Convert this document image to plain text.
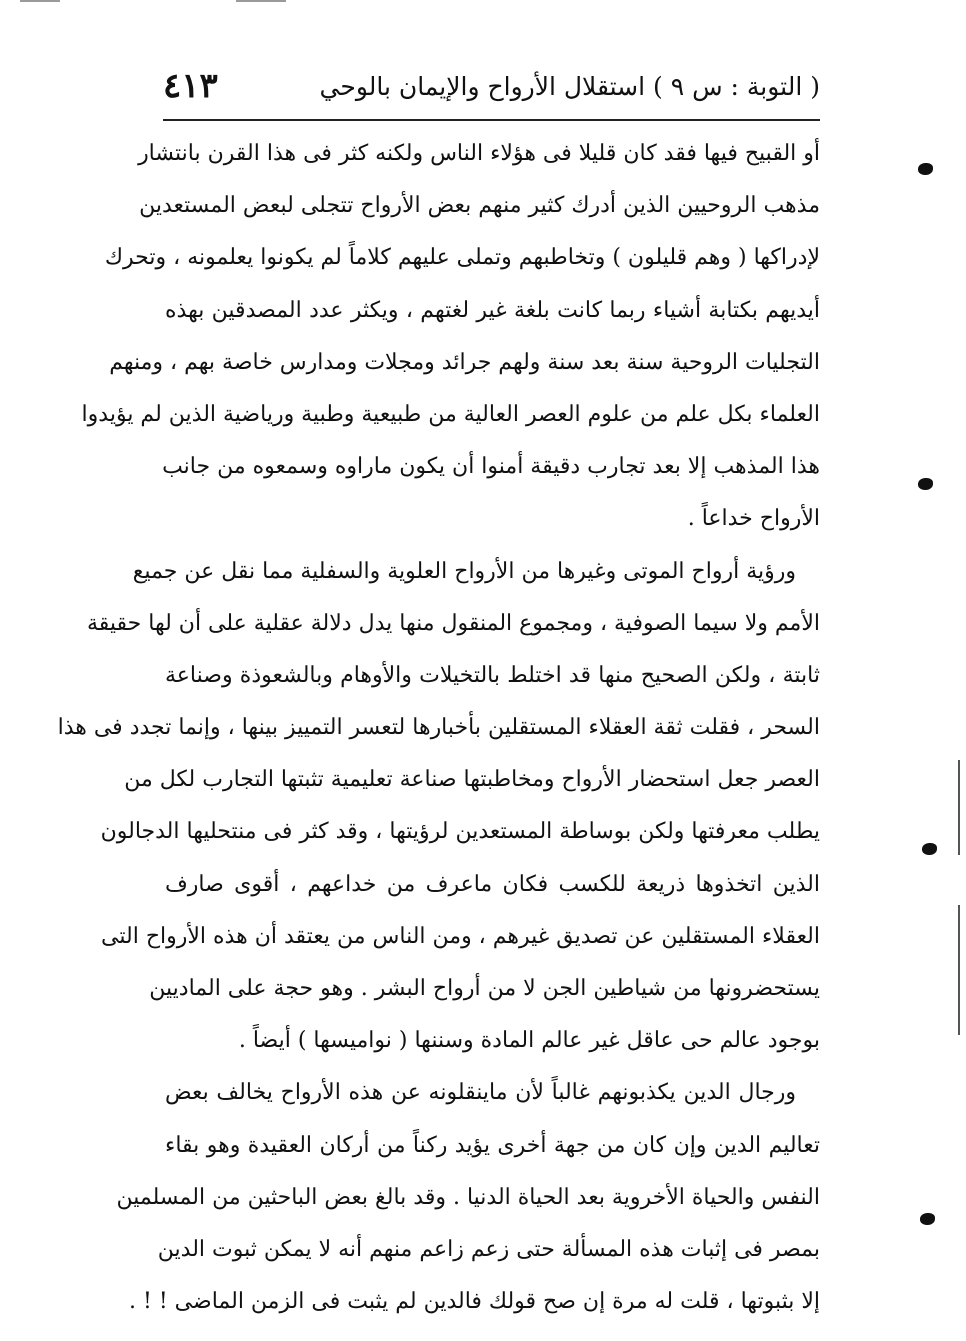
( التوبة : س ٩ ) استقلال الأرواح والإيمان بالوحي
٤١٣
أو القبيح فيها فقد كان قليلا فى هؤلاء الناس ولكنه كثر فى هذا القرن بانتشار
مذهب الروحيين الذين أدرك كثير منهم بعض الأرواح تتجلى لبعض المستعدين
لإدراكها ( وهم قليلون ) وتخاطبهم وتملى عليهم كلاماً لم يكونوا يعلمونه ، وتحرك
أيديهم بكتابة أشياء ربما كانت بلغة غير لغتهم ، ويكثر عدد المصدقين بهذه
التجليات الروحية سنة بعد سنة ولهم جرائد ومجلات ومدارس خاصة بهم ، ومنهم
العلماء بكل علم من علوم العصر العالية من طبيعية وطبية ورياضية الذين لم يؤيدوا
هذا المذهب إلا بعد تجارب دقيقة أمنوا أن يكون ماراوه وسمعوه من جانب
الأرواح خداعاً .
ورؤية أرواح الموتى وغيرها من الأرواح العلوية والسفلية مما نقل عن جميع
الأمم ولا سيما الصوفية ، ومجموع المنقول منها يدل دلالة عقلية على أن لها حقيقة
ثابتة ، ولكن الصحيح منها قد اختلط بالتخيلات والأوهام وبالشعوذة وصناعة
السحر ، فقلت ثقة العقلاء المستقلين بأخبارها لتعسر التمييز بينها ، وإنما تجدد فى هذا
العصر جعل استحضار الأرواح ومخاطبتها صناعة تعليمية تثبتها التجارب لكل من
يطلب معرفتها ولكن بوساطة المستعدين لرؤيتها ، وقد كثر فى منتحليها الدجالون
الذين اتخذوها ذريعة للكسب فكان ماعرف من خداعهم ، أقوى صارف
العقلاء المستقلين عن تصديق غيرهم ، ومن الناس من يعتقد أن هذه الأرواح التى
يستحضرونها من شياطين الجن لا من أرواح البشر . وهو حجة على الماديين
بوجود عالم حى عاقل غير عالم المادة وسننها ( نواميسها ) أيضاً .
ورجال الدين يكذبونهم غالباً لأن ماينقلونه عن هذه الأرواح يخالف بعض
تعاليم الدين وإن كان من جهة أخرى يؤيد ركناً من أركان العقيدة وهو بقاء
النفس والحياة الأخروية بعد الحياة الدنيا . وقد بالغ بعض الباحثين من المسلمين
بمصر فى إثبات هذه المسألة حتى زعم زاعم منهم أنه لا يمكن ثبوت الدين
إلا بثبوتها ، قلت له مرة إن صح قولك فالدين لم يثبت فى الزمن الماضى ! ! .
